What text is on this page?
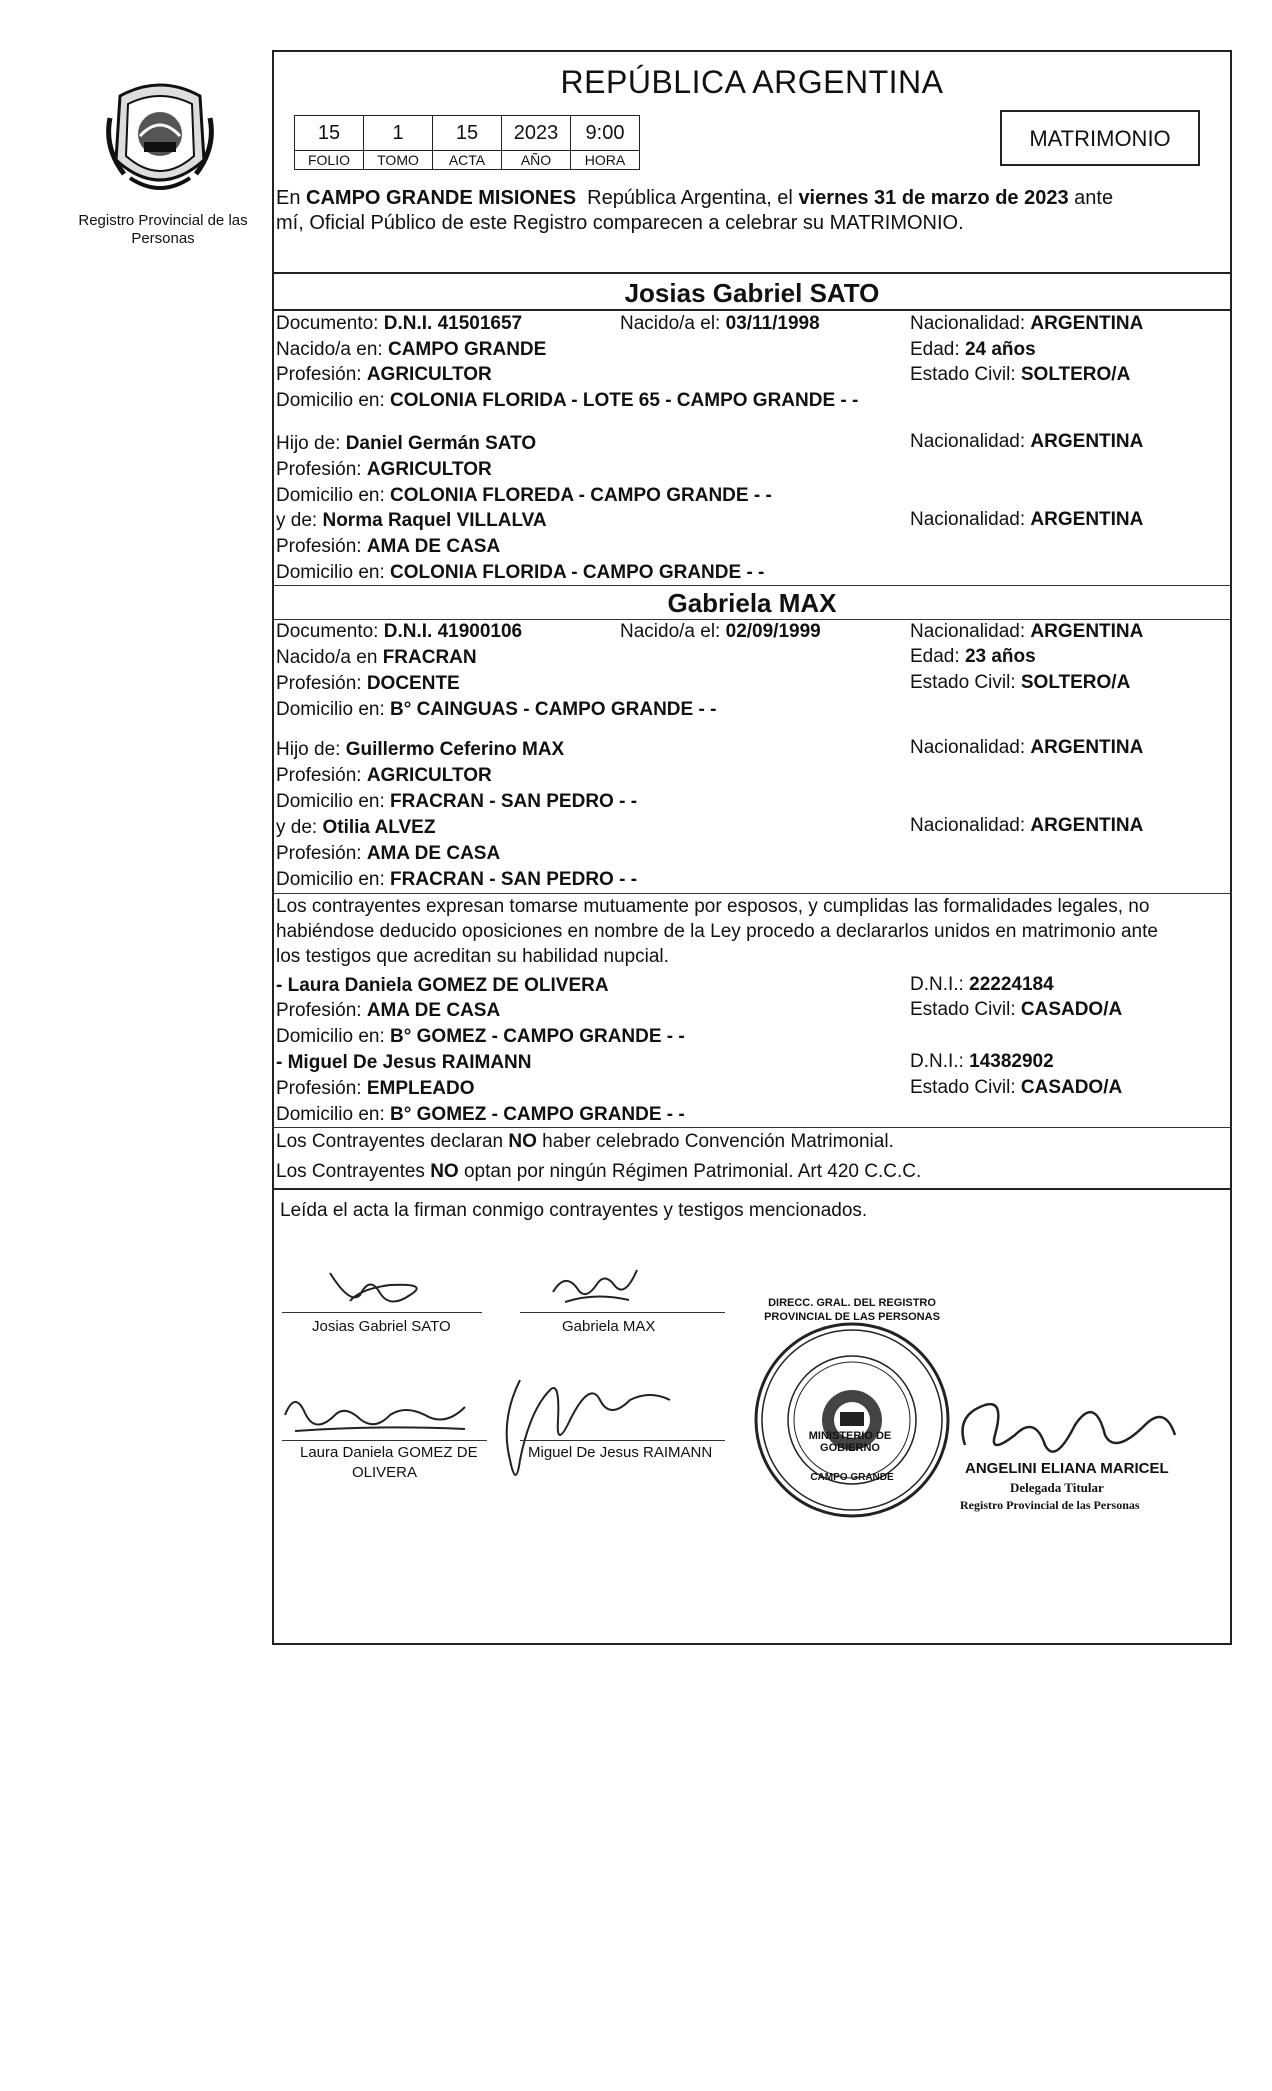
Registro Provincial de las Personas
REPÚBLICA ARGENTINA
15	1	15	2023	9:00
FOLIO	TOMO	ACTA	AÑO	HORA
MATRIMONIO
En CAMPO GRANDE MISIONES  República Argentina, el viernes 31 de marzo de 2023 ante
mí, Oficial Público de este Registro comparecen a celebrar su MATRIMONIO.
Josias Gabriel SATO
Documento: D.N.I. 41501657	Nacido/a el: 03/11/1998	Nacionalidad: ARGENTINA
Nacido/a en: CAMPO GRANDE	Edad: 24 años
Profesión: AGRICULTOR	Estado Civil: SOLTERO/A
Domicilio en: COLONIA FLORIDA - LOTE 65 - CAMPO GRANDE - -
Hijo de: Daniel Germán SATO	Nacionalidad: ARGENTINA
Profesión: AGRICULTOR
Domicilio en: COLONIA FLOREDA - CAMPO GRANDE - -
y de: Norma Raquel VILLALVA	Nacionalidad: ARGENTINA
Profesión: AMA DE CASA
Domicilio en: COLONIA FLORIDA - CAMPO GRANDE - -
Gabriela MAX
Documento: D.N.I. 41900106	Nacido/a el: 02/09/1999	Nacionalidad: ARGENTINA
Nacido/a en FRACRAN	Edad: 23 años
Profesión: DOCENTE	Estado Civil: SOLTERO/A
Domicilio en: B° CAINGUAS - CAMPO GRANDE - -
Hijo de: Guillermo Ceferino MAX	Nacionalidad: ARGENTINA
Profesión: AGRICULTOR
Domicilio en: FRACRAN - SAN PEDRO - -
y de: Otilia ALVEZ	Nacionalidad: ARGENTINA
Profesión: AMA DE CASA
Domicilio en: FRACRAN - SAN PEDRO - -
Los contrayentes expresan tomarse mutuamente por esposos, y cumplidas las formalidades legales, no
habiéndose deducido oposiciones en nombre de la Ley procedo a declararlos unidos en matrimonio ante
los testigos que acreditan su habilidad nupcial.
- Laura Daniela GOMEZ DE OLIVERA	D.N.I.: 22224184
Profesión: AMA DE CASA	Estado Civil: CASADO/A
Domicilio en: B° GOMEZ - CAMPO GRANDE - -
- Miguel De Jesus RAIMANN	D.N.I.: 14382902
Profesión: EMPLEADO	Estado Civil: CASADO/A
Domicilio en: B° GOMEZ - CAMPO GRANDE - -
Los Contrayentes declaran NO haber celebrado Convención Matrimonial.
Los Contrayentes NO optan por ningún Régimen Patrimonial. Art 420 C.C.C.
Leída el acta la firman conmigo contrayentes y testigos mencionados.
Josias Gabriel SATO	Gabriela MAX
Laura Daniela GOMEZ DE
OLIVERA
Miguel De Jesus RAIMANN
MINISTERIO DE GOBIERNO
CAMPO GRANDE
DIRECC. GRAL. DEL REGISTRO PROVINCIAL DE LAS PERSONAS
ANGELINI ELIANA MARICEL
Delegada Titular
Registro Provincial de las Personas
